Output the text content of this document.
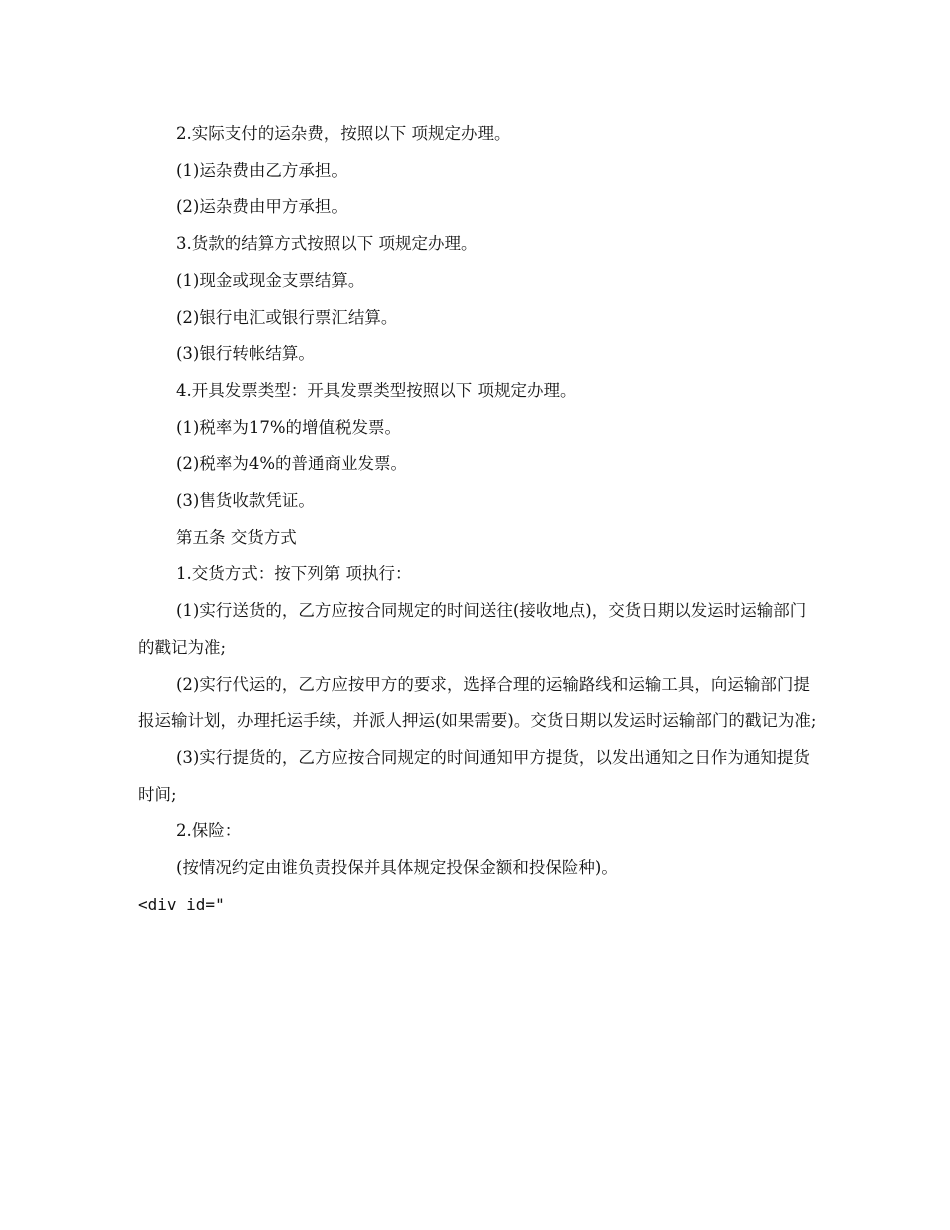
2.实际支付的运杂费，按照以下 项规定办理。

(1)运杂费由乙方承担。

(2)运杂费由甲方承担。

3.货款的结算方式按照以下 项规定办理。

(1)现金或现金支票结算。

(2)银行电汇或银行票汇结算。

(3)银行转帐结算。

4.开具发票类型：开具发票类型按照以下 项规定办理。

(1)税率为17%的增值税发票。

(2)税率为4%的普通商业发票。

(3)售货收款凭证。

第五条 交货方式

1.交货方式：按下列第 项执行：

(1)实行送货的，乙方应按合同规定的时间送往(接收地点)，交货日期以发运时运输部门的戳记为准;

(2)实行代运的，乙方应按甲方的要求，选择合理的运输路线和运输工具，向运输部门提报运输计划，办理托运手续，并派人押运(如果需要)。交货日期以发运时运输部门的戳记为准;

(3)实行提货的，乙方应按合同规定的时间通知甲方提货，以发出通知之日作为通知提货时间;

2.保险：

(按情况约定由谁负责投保并具体规定投保金额和投保险种)。

<div id="
